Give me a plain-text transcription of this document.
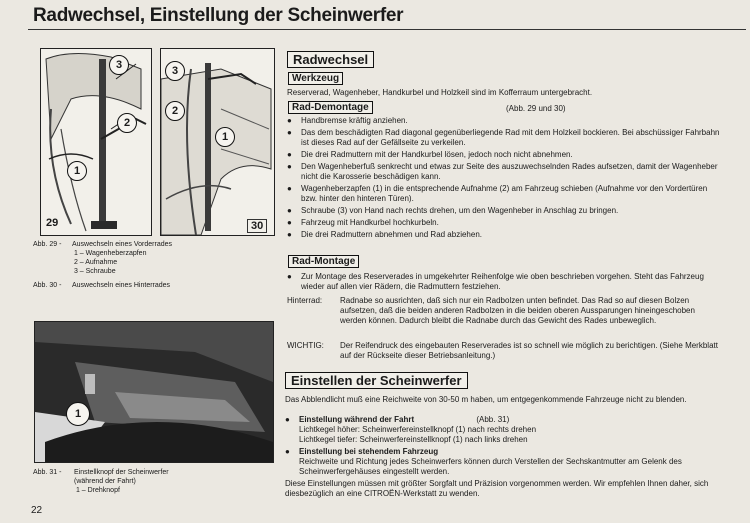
Radwechsel, Einstellung der Scheinwerfer
3
2
1
29
3
2
1
30
Abb. 29 - Auswechseln eines Vorderrades
1 – Wagenheberzapfen
2 – Aufnahme
3 – Schraube
Abb. 30 - Auswechseln eines Hinterrades
1
Abb. 31 - Einstellknopf der Scheinwerfer
(während der Fahrt)
1 – Drehknopf
22
Radwechsel
Werkzeug
Reserverad, Wagenheber, Handkurbel und Holzkeil sind im Kofferraum untergebracht.
Rad-Demontage	(Abb. 29 und 30)
● Handbremse kräftig anziehen.
● Das dem beschädigten Rad diagonal gegenüberliegende Rad mit dem Holzkeil bockieren. Bei abschüssiger Fahrbahn ist dieses Rad auf der Gefällseite zu verkeilen.
● Die drei Radmuttern mit der Handkurbel lösen, jedoch noch nicht abnehmen.
● Den Wagenheberfuß senkrecht und etwas zur Seite des auszuwechselnden Rades aufsetzen, damit der Wagenheber nicht die Karosserie beschädigen kann.
● Wagenheberzapfen (1) in die entsprechende Aufnahme (2) am Fahrzeug schieben (Aufnahme vor den Vordertüren bzw. hinter den hinteren Türen).
● Schraube (3) von Hand nach rechts drehen, um den Wagenheber in Anschlag zu bringen.
● Fahrzeug mit Handkurbel hochkurbeln.
● Die drei Radmuttern abnehmen und Rad abziehen.
Rad-Montage
● Zur Montage des Reserverades in umgekehrter Reihenfolge wie oben beschrieben vorgehen. Steht das Fahrzeug wieder auf allen vier Rädern, die Radmuttern festziehen.
Hinterrad: Radnabe so ausrichten, daß sich nur ein Radbolzen unten befindet. Das Rad so auf diesen Bolzen aufsetzen, daß die beiden anderen Radbolzen in die beiden oberen Aussparungen hineingeschoben werden können. Dadurch bleibt die Radnabe durch das Gewicht des Rades unbeweglich.
WICHTIG: Der Reifendruck des eingebauten Reserverades ist so schnell wie möglich zu berichtigen. (Siehe Merkblatt auf der Rückseite dieser Betriebsanleitung.)
Einstellen der Scheinwerfer
Das Abblendlicht muß eine Reichweite von 30-50 m haben, um entgegenkommende Fahrzeuge nicht zu blenden.
● Einstellung während der Fahrt	(Abb. 31)
Lichtkegel höher: Scheinwerfereinstellknopf (1) nach rechts drehen
Lichtkegel tiefer: Scheinwerfereinstellknopf (1) nach links drehen
● Einstellung bei stehendem Fahrzeug
Reichweite und Richtung jedes Scheinwerfers können durch Verstellen der Sechskantmutter am Gelenk des Scheinwerfergehäuses eingestellt werden.
Diese Einstellungen müssen mit größter Sorgfalt und Präzision vorgenommen werden. Wir empfehlen Ihnen daher, sich diesbezüglich an eine CITROËN-Werkstatt zu wenden.
